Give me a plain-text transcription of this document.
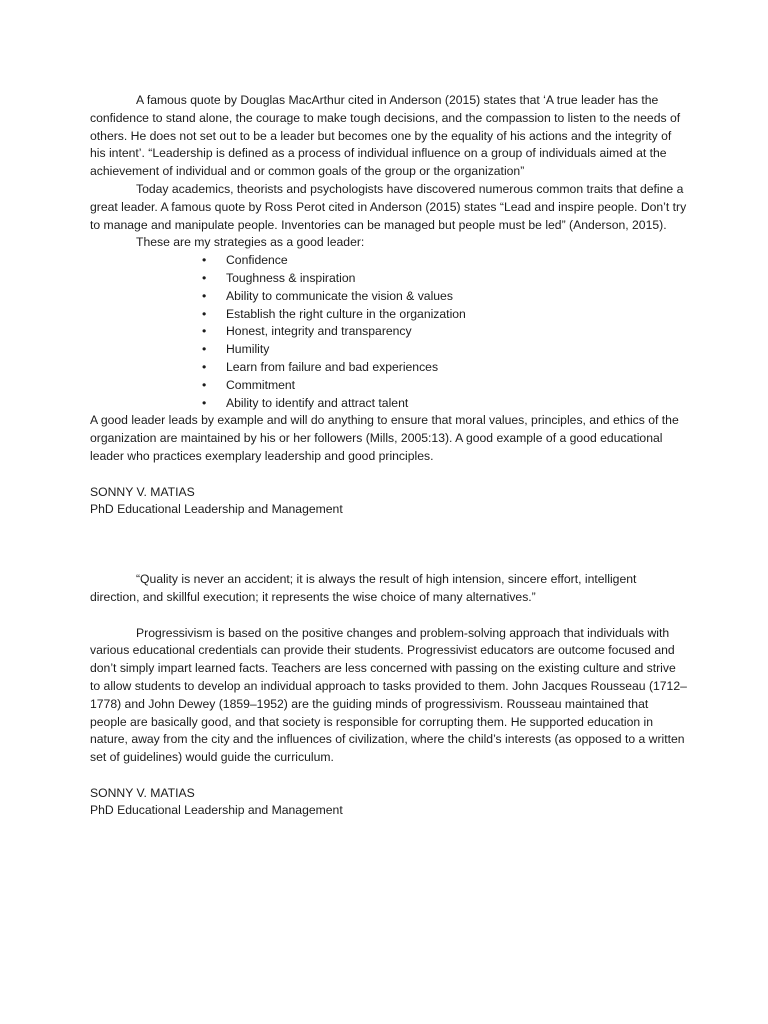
A famous quote by Douglas MacArthur cited in Anderson (2015) states that ‘A true leader has the confidence to stand alone, the courage to make tough decisions, and the compassion to listen to the needs of others. He does not set out to be a leader but becomes one by the equality of his actions and the integrity of his intent’. “Leadership is defined as a process of individual influence on a group of individuals aimed at the achievement of individual and or common goals of the group or the organization”

Today academics, theorists and psychologists have discovered numerous common traits that define a great leader. A famous quote by Ross Perot cited in Anderson (2015) states “Lead and inspire people. Don’t try to manage and manipulate people. Inventories can be managed but people must be led” (Anderson, 2015).

These are my strategies as a good leader:

•	Confidence
•	Toughness & inspiration
•	Ability to communicate the vision & values
•	Establish the right culture in the organization
•	Honest, integrity and transparency
•	Humility
•	Learn from failure and bad experiences
•	Commitment
•	Ability to identify and attract talent

A good leader leads by example and will do anything to ensure that moral values, principles, and ethics of the organization are maintained by his or her followers (Mills, 2005:13). A good example of a good educational leader who practices exemplary leadership and good principles.

SONNY V. MATIAS

PhD Educational Leadership and Management

“Quality is never an accident; it is always the result of high intension, sincere effort, intelligent direction, and skillful execution; it represents the wise choice of many alternatives.”

Progressivism is based on the positive changes and problem-solving approach that individuals with various educational credentials can provide their students. Progressivist educators are outcome focused and don’t simply impart learned facts. Teachers are less concerned with passing on the existing culture and strive to allow students to develop an individual approach to tasks provided to them. John Jacques Rousseau (1712–1778) and John Dewey (1859–1952) are the guiding minds of progressivism. Rousseau maintained that people are basically good, and that society is responsible for corrupting them. He supported education in nature, away from the city and the influences of civilization, where the child’s interests (as opposed to a written set of guidelines) would guide the curriculum.

SONNY V. MATIAS

PhD Educational Leadership and Management
